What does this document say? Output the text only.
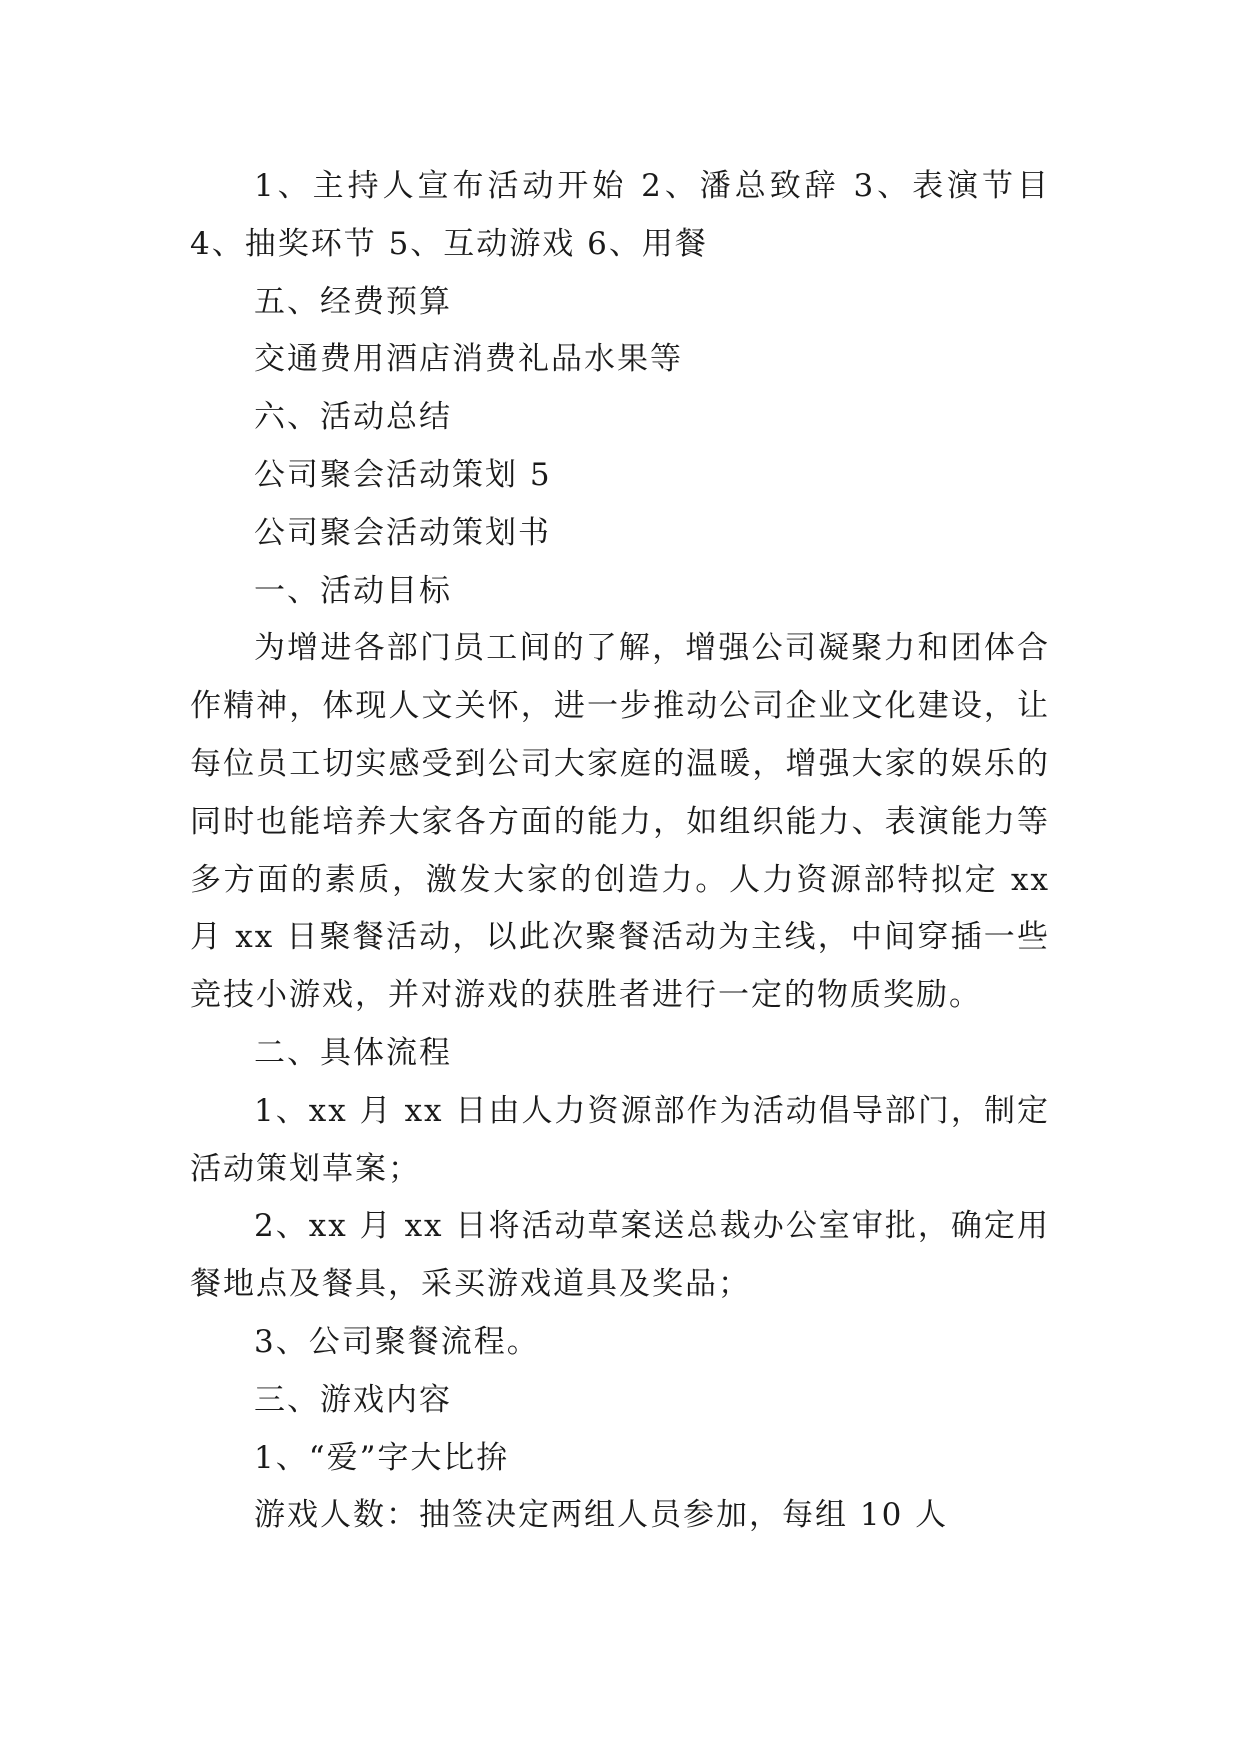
1、主持人宣布活动开始 2、潘总致辞 3、表演节目 4、抽奖环节 5、互动游戏 6、用餐

五、经费预算

交通费用酒店消费礼品水果等

六、活动总结

公司聚会活动策划 5

公司聚会活动策划书

一、活动目标

为增进各部门员工间的了解，增强公司凝聚力和团体合作精神，体现人文关怀，进一步推动公司企业文化建设，让每位员工切实感受到公司大家庭的温暖，增强大家的娱乐的同时也能培养大家各方面的能力，如组织能力、表演能力等多方面的素质，激发大家的创造力。人力资源部特拟定 xx 月 xx 日聚餐活动，以此次聚餐活动为主线，中间穿插一些竞技小游戏，并对游戏的获胜者进行一定的物质奖励。

二、具体流程

1、xx 月 xx 日由人力资源部作为活动倡导部门，制定活动策划草案；

2、xx 月 xx 日将活动草案送总裁办公室审批，确定用餐地点及餐具，采买游戏道具及奖品；

3、公司聚餐流程。

三、游戏内容

1、“爱”字大比拚

游戏人数：抽签决定两组人员参加，每组 10 人
